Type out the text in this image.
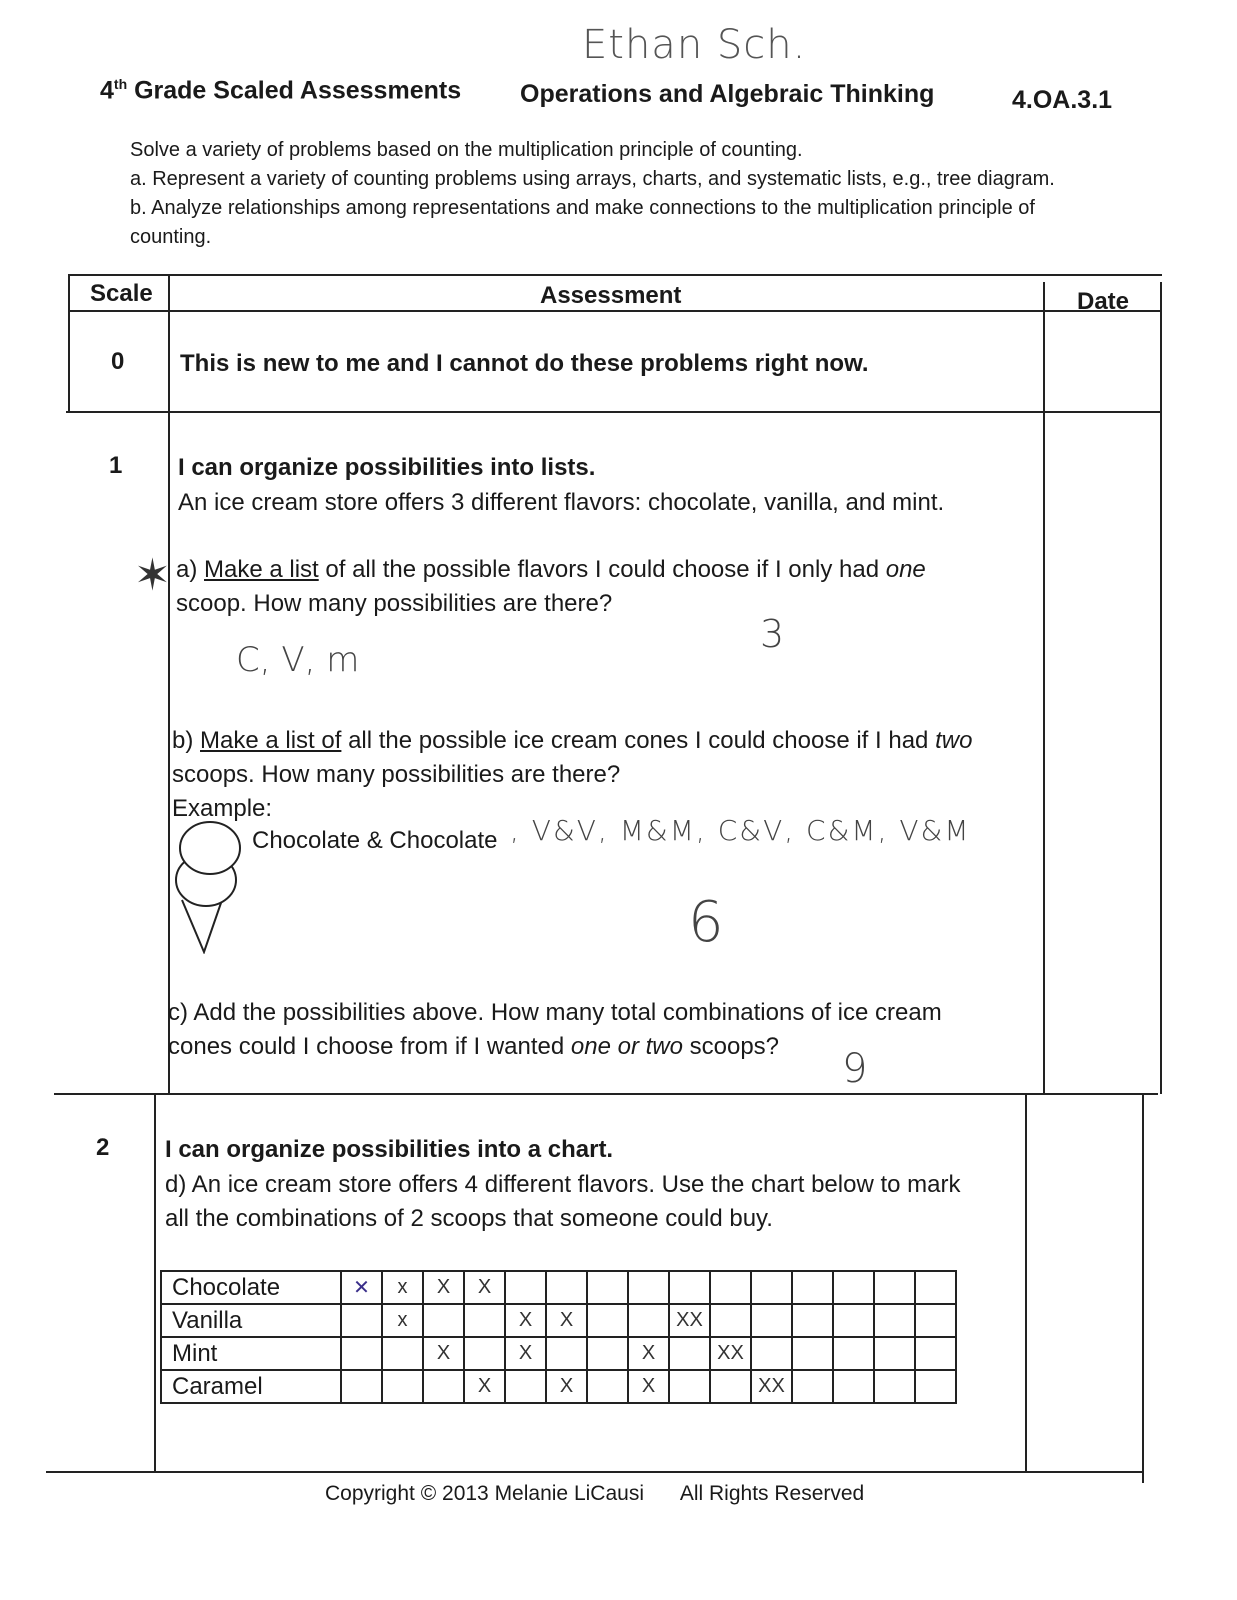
Ethan Sch.
4th Grade Scaled Assessments Operations and Algebraic Thinking	4.OA.3.1
Solve a variety of problems based on the multiplication principle of counting.
a. Represent a variety of counting problems using arrays, charts, and systematic lists, e.g., tree diagram.
b. Analyze relationships among representations and make connections to the multiplication principle of counting.
Scale	Assessment	Date
0 This is new to me and I cannot do these problems right now.
1 I can organize possibilities into lists.
An ice cream store offers 3 different flavors: chocolate, vanilla, and mint.
✶ a) Make a list of all the possible flavors I could choose if I only had one scoop. How many possibilities are there?
C, V, m
3
b) Make a list of all the possible ice cream cones I could choose if I had two scoops. How many possibilities are there?
Example:
Chocolate & Chocolate , V&V, M&M, C&V, C&M, V&M
6
c) Add the possibilities above. How many total combinations of ice cream cones could I choose from if I wanted one or two scoops?	9
2 I can organize possibilities into a chart.
d) An ice cream store offers 4 different flavors. Use the chart below to mark all the combinations of 2 scoops that someone could buy.
Chocolate	✕	x	X	X											
Vanilla		x			X	X			XX						
Mint			X		X			X		XX					
Caramel				X		X		X			XX				
Copyright © 2013 Melanie LiCausi All Rights Reserved
